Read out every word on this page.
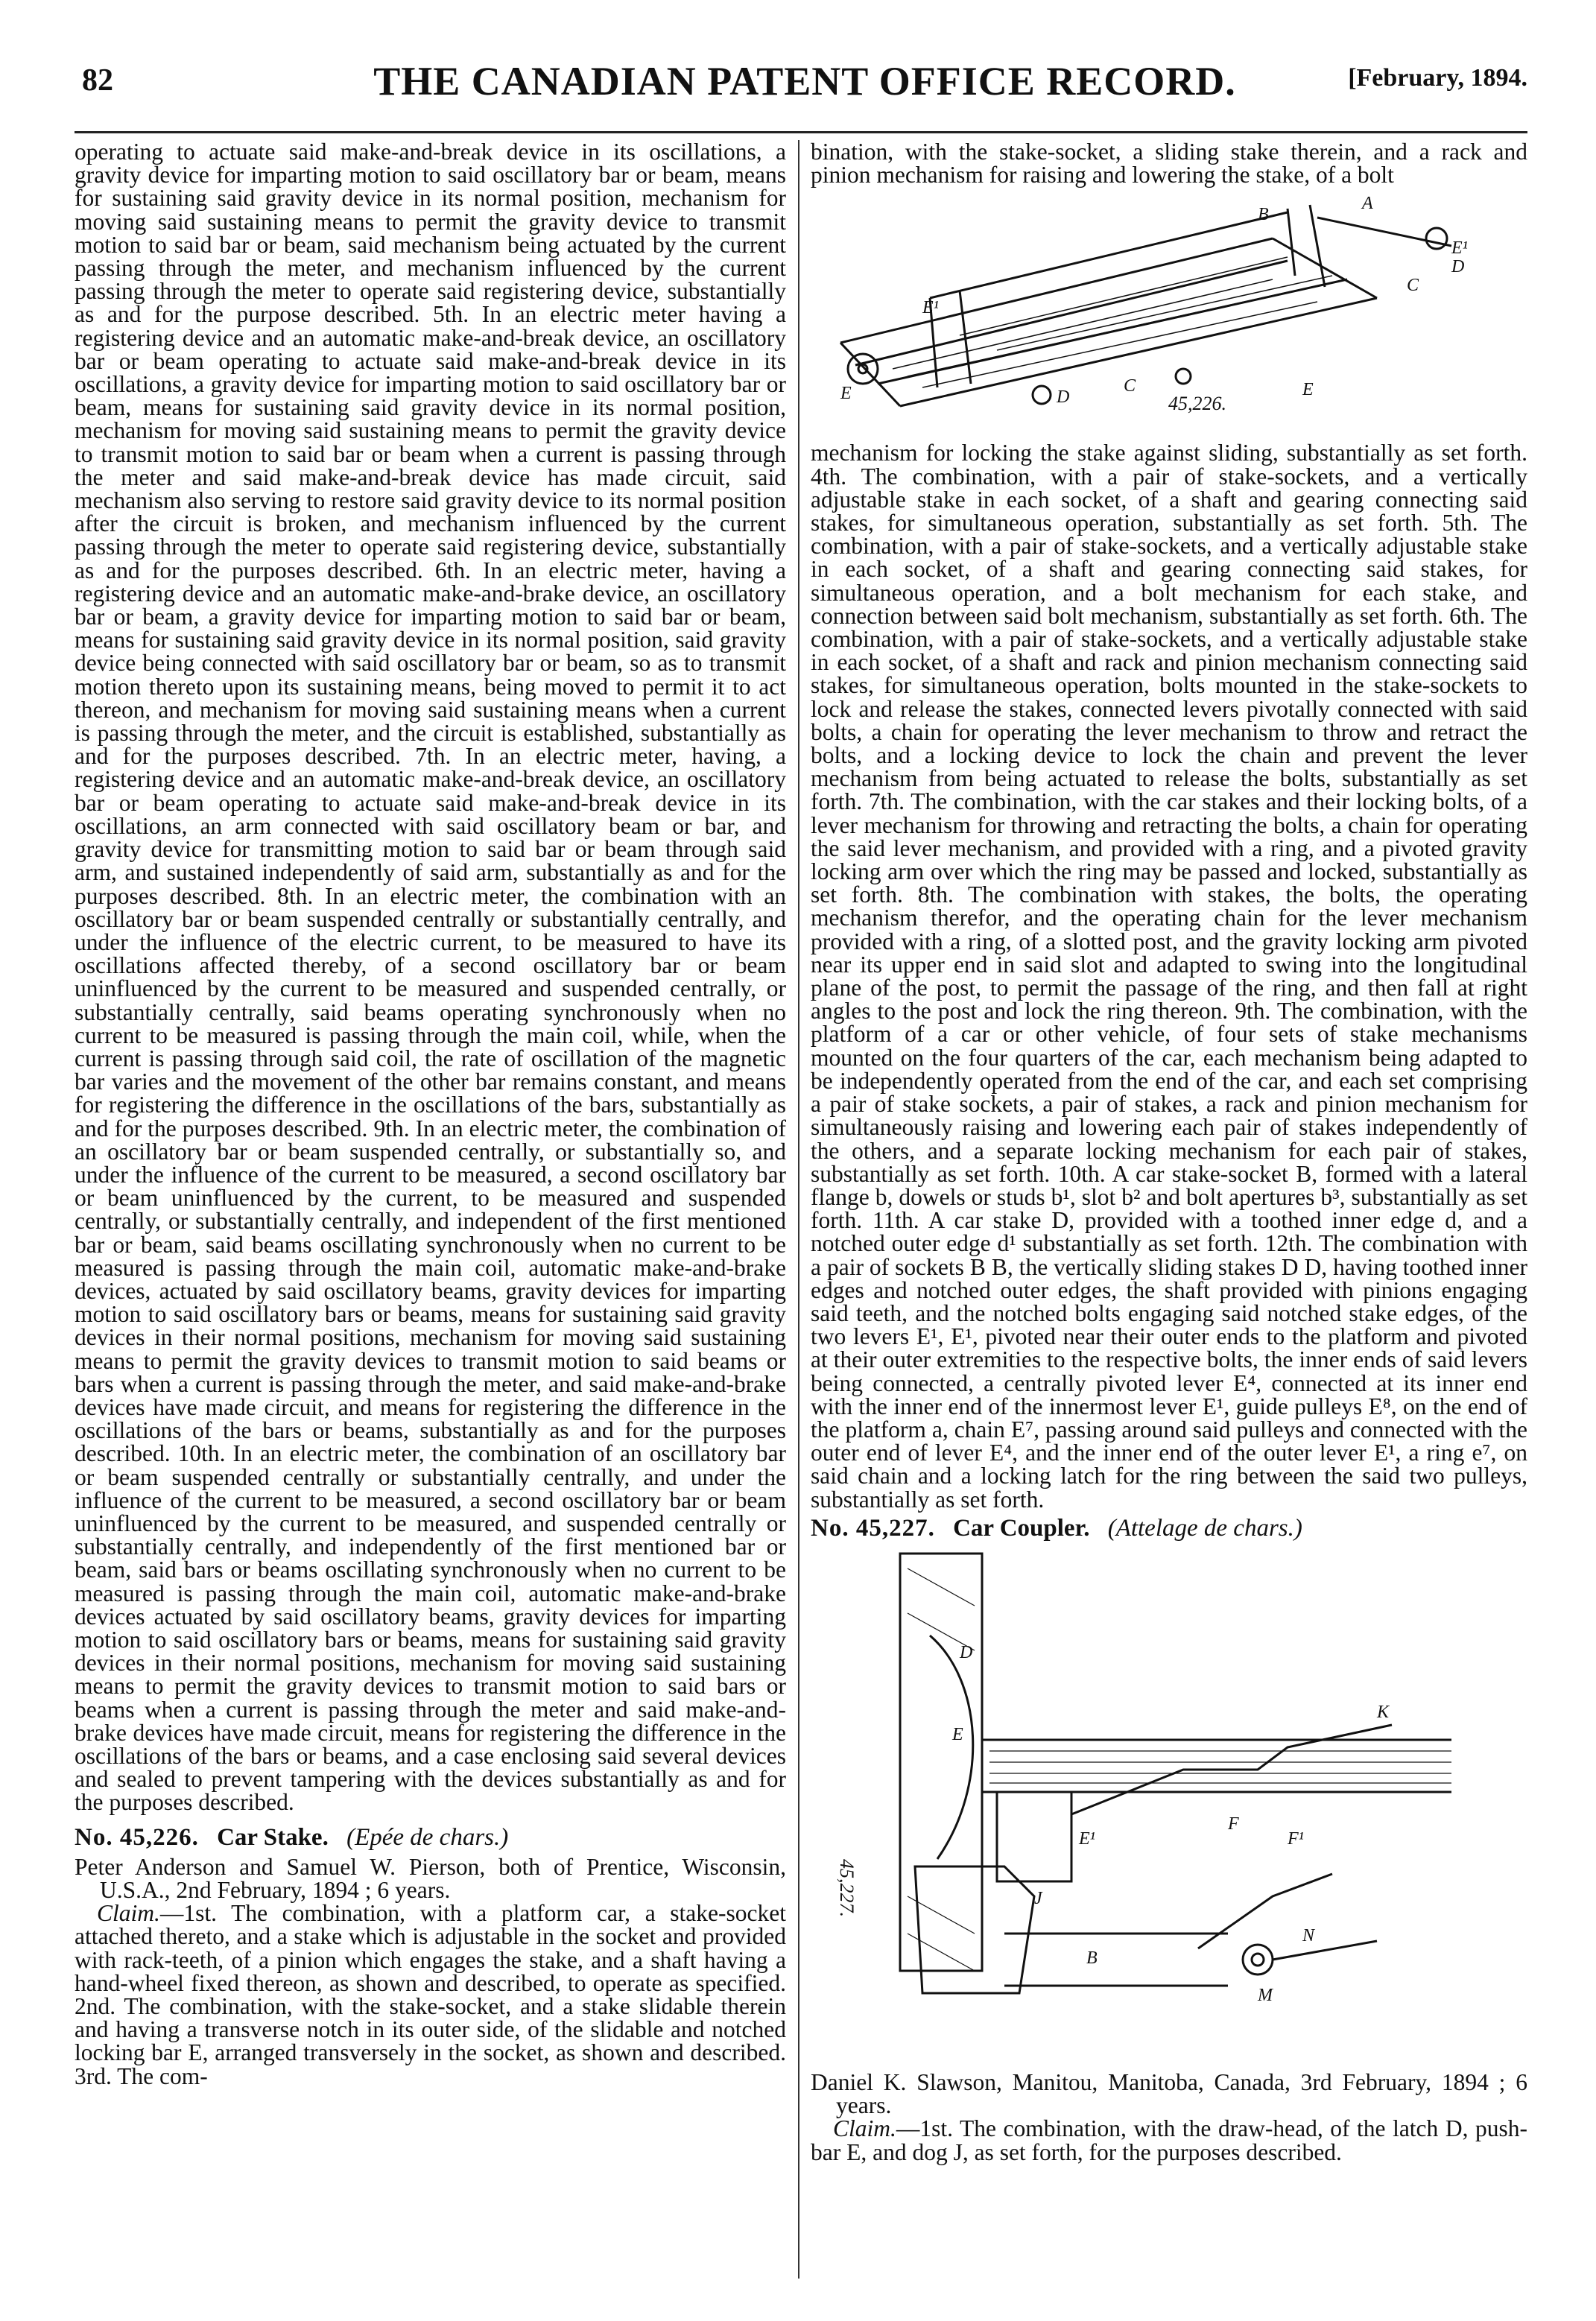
82	THE CANADIAN PATENT OFFICE RECORD.	[February, 1894.

operating to actuate said make-and-break device in its oscillations, a gravity device for imparting motion to said oscillatory bar or beam, means for sustaining said gravity device in its normal position, mechanism for moving said sustaining means to permit the gravity device to transmit motion to said bar or beam, said mechanism being actuated by the current passing through the meter, and mechanism influenced by the current passing through the meter to operate said registering device, substantially as and for the purpose described. 5th. In an electric meter having a registering device and an automatic make-and-break device, an oscillatory bar or beam operating to actuate said make-and-break device in its oscillations, a gravity device for imparting motion to said oscillatory bar or beam, means for sustaining said gravity device in its normal position, mechanism for moving said sustaining means to permit the gravity device to transmit motion to said bar or beam when a current is passing through the meter and said make-and-break device has made circuit, said mechanism also serving to restore said gravity device to its normal position after the circuit is broken, and mechanism influenced by the current passing through the meter to operate said registering device, substantially as and for the purposes described. 6th. In an electric meter, having a registering device and an automatic make-and-brake device, an oscillatory bar or beam, a gravity device for imparting motion to said bar or beam, means for sustaining said gravity device in its normal position, said gravity device being connected with said oscillatory bar or beam, so as to transmit motion thereto upon its sustaining means, being moved to permit it to act thereon, and mechanism for moving said sustaining means when a current is passing through the meter, and the circuit is established, substantially as and for the purposes described. 7th. In an electric meter, having, a registering device and an automatic make-and-break device, an oscillatory bar or beam operating to actuate said make-and-break device in its oscillations, an arm connected with said oscillatory beam or bar, and gravity device for transmitting motion to said bar or beam through said arm, and sustained independently of said arm, substantially as and for the purposes described. 8th. In an electric meter, the combination with an oscillatory bar or beam suspended centrally or substantially centrally, and under the influence of the electric current, to be measured to have its oscillations affected thereby, of a second oscillatory bar or beam uninfluenced by the current to be measured and suspended centrally, or substantially centrally, said beams operating synchronously when no current to be measured is passing through the main coil, while, when the current is passing through said coil, the rate of oscillation of the magnetic bar varies and the movement of the other bar remains constant, and means for registering the difference in the oscillations of the bars, substantially as and for the purposes described. 9th. In an electric meter, the combination of an oscillatory bar or beam suspended centrally, or substantially so, and under the influence of the current to be measured, a second oscillatory bar or beam uninfluenced by the current, to be measured and suspended centrally, or substantially centrally, and independent of the first mentioned bar or beam, said beams oscillating synchronously when no current to be measured is passing through the main coil, automatic make-and-brake devices, actuated by said oscillatory beams, gravity devices for imparting motion to said oscillatory bars or beams, means for sustaining said gravity devices in their normal positions, mechanism for moving said sustaining means to permit the gravity devices to transmit motion to said beams or bars when a current is passing through the meter, and said make-and-brake devices have made circuit, and means for registering the difference in the oscillations of the bars or beams, substantially as and for the purposes described. 10th. In an electric meter, the combination of an oscillatory bar or beam suspended centrally or substantially centrally, and under the influence of the current to be measured, a second oscillatory bar or beam uninfluenced by the current to be measured, and suspended centrally or substantially centrally, and independently of the first mentioned bar or beam, said bars or beams oscillating synchronously when no current to be measured is passing through the main coil, automatic make-and-brake devices actuated by said oscillatory beams, gravity devices for imparting motion to said oscillatory bars or beams, means for sustaining said gravity devices in their normal positions, mechanism for moving said sustaining means to permit the gravity devices to transmit motion to said bars or beams when a current is passing through the meter and said make-and-brake devices have made circuit, means for registering the difference in the oscillations of the bars or beams, and a case enclosing said several devices and sealed to prevent tampering with the devices substantially as and for the purposes described.

No. 45,226. Car Stake. (Epée de chars.)

Peter Anderson and Samuel W. Pierson, both of Prentice, Wisconsin, U.S.A., 2nd February, 1894 ; 6 years.

Claim.—1st. The combination, with a platform car, a stake-socket attached thereto, and a stake which is adjustable in the socket and provided with rack-teeth, of a pinion which engages the stake, and a shaft having a hand-wheel fixed thereon, as shown and described, to operate as specified. 2nd. The combination, with the stake-socket, and a stake slidable therein and having a transverse notch in its outer side, of the slidable and notched locking bar E, arranged transversely in the socket, as shown and described. 3rd. The com-

bination, with the stake-socket, a sliding stake therein, and a rack and pinion mechanism for raising and lowering the stake, of a bolt

A
E¹
E
E¹
D
C
D
C	E
B
45,226.

mechanism for locking the stake against sliding, substantially as set forth. 4th. The combination, with a pair of stake-sockets, and a vertically adjustable stake in each socket, of a shaft and gearing connecting said stakes, for simultaneous operation, substantially as set forth. 5th. The combination, with a pair of stake-sockets, and a vertically adjustable stake in each socket, of a shaft and gearing connecting said stakes, for simultaneous operation, and a bolt mechanism for each stake, and connection between said bolt mechanism, substantially as set forth. 6th. The combination, with a pair of stake-sockets, and a vertically adjustable stake in each socket, of a shaft and rack and pinion mechanism connecting said stakes, for simultaneous operation, bolts mounted in the stake-sockets to lock and release the stakes, connected levers pivotally connected with said bolts, a chain for operating the lever mechanism to throw and retract the bolts, and a locking device to lock the chain and prevent the lever mechanism from being actuated to release the bolts, substantially as set forth. 7th. The combination, with the car stakes and their locking bolts, of a lever mechanism for throwing and retracting the bolts, a chain for operating the said lever mechanism, and provided with a ring, and a pivoted gravity locking arm over which the ring may be passed and locked, substantially as set forth. 8th. The combination with stakes, the bolts, the operating mechanism therefor, and the operating chain for the lever mechanism provided with a ring, of a slotted post, and the gravity locking arm pivoted near its upper end in said slot and adapted to swing into the longitudinal plane of the post, to permit the passage of the ring, and then fall at right angles to the post and lock the ring thereon. 9th. The combination, with the platform of a car or other vehicle, of four sets of stake mechanisms mounted on the four quarters of the car, each mechanism being adapted to be independently operated from the end of the car, and each set comprising a pair of stake sockets, a pair of stakes, a rack and pinion mechanism for simultaneously raising and lowering each pair of stakes independently of the others, and a separate locking mechanism for each pair of stakes, substantially as set forth. 10th. A car stake-socket B, formed with a lateral flange b, dowels or studs b¹, slot b² and bolt apertures b³, substantially as set forth. 11th. A car stake D, provided with a toothed inner edge d, and a notched outer edge d¹ substantially as set forth. 12th. The combination with a pair of sockets B B, the vertically sliding stakes D D, having toothed inner edges and notched outer edges, the shaft provided with pinions engaging said teeth, and the notched bolts engaging said notched stake edges, of the two levers E¹, E¹, pivoted near their outer ends to the platform and pivoted at their outer extremities to the respective bolts, the inner ends of said levers being connected, a centrally pivoted lever E⁴, connected at its inner end with the inner end of the innermost lever E¹, guide pulleys E⁸, on the end of the platform a, chain E⁷, passing around said pulleys and connected with the outer end of lever E⁴, and the inner end of the outer lever E¹, a ring e⁷, on said chain and a locking latch for the ring between the said two pulleys, substantially as set forth.

No. 45,227. Car Coupler. (Attelage de chars.)
D
E
E¹
F
F¹
K
B
N
M
J
45,227.

Daniel K. Slawson, Manitou, Manitoba, Canada, 3rd February, 1894 ; 6 years.

Claim.—1st. The combination, with the draw-head, of the latch D, push-bar E, and dog J, as set forth, for the purposes described.
